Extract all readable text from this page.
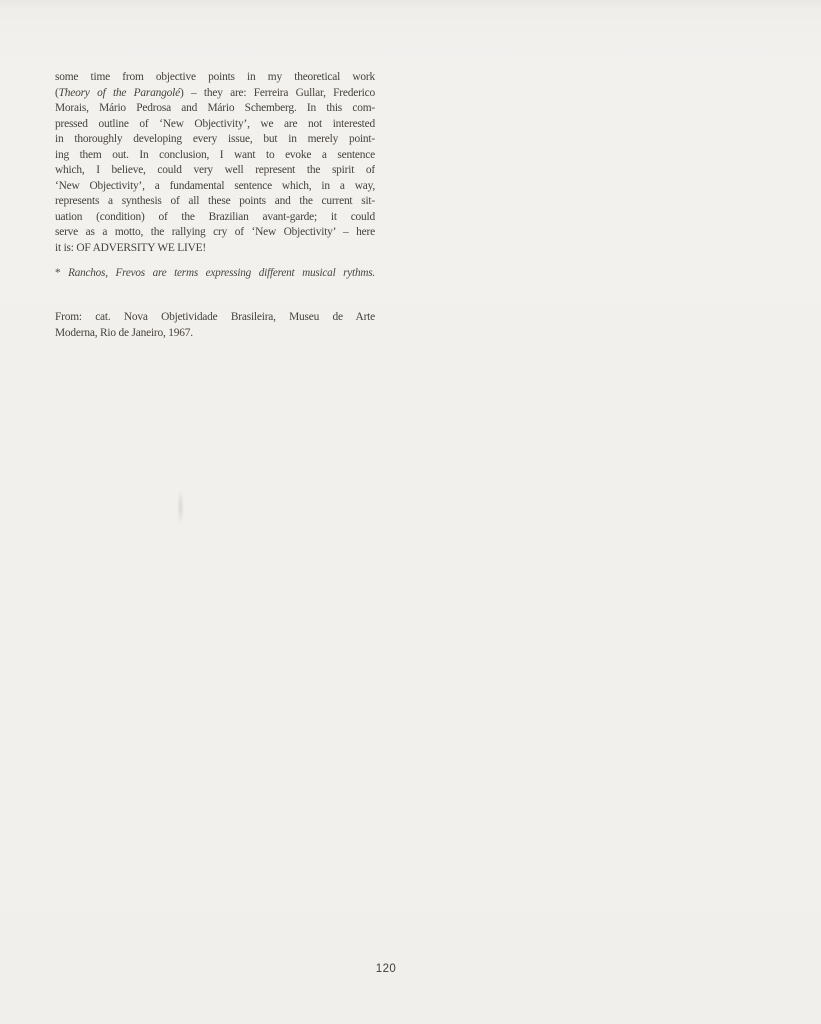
some time from objective points in my theoretical work
(Theory of the Parangolé) – they are: Ferreira Gullar, Frederico
Morais, Mário Pedrosa and Mário Schemberg. In this com-
pressed outline of ‘New Objectivity’, we are not interested
in thoroughly developing every issue, but in merely point-
ing them out. In conclusion, I want to evoke a sentence
which, I believe, could very well represent the spirit of
‘New Objectivity’, a fundamental sentence which, in a way,
represents a synthesis of all these points and the current sit-
uation (condition) of the Brazilian avant-garde; it could
serve as a motto, the rallying cry of ‘New Objectivity’ – here
it is: OF ADVERSITY WE LIVE!
* Ranchos, Frevos are terms expressing different musical rythms.
From: cat. Nova Objetividade Brasileira, Museu de Arte
Moderna, Rio de Janeiro, 1967.
120
